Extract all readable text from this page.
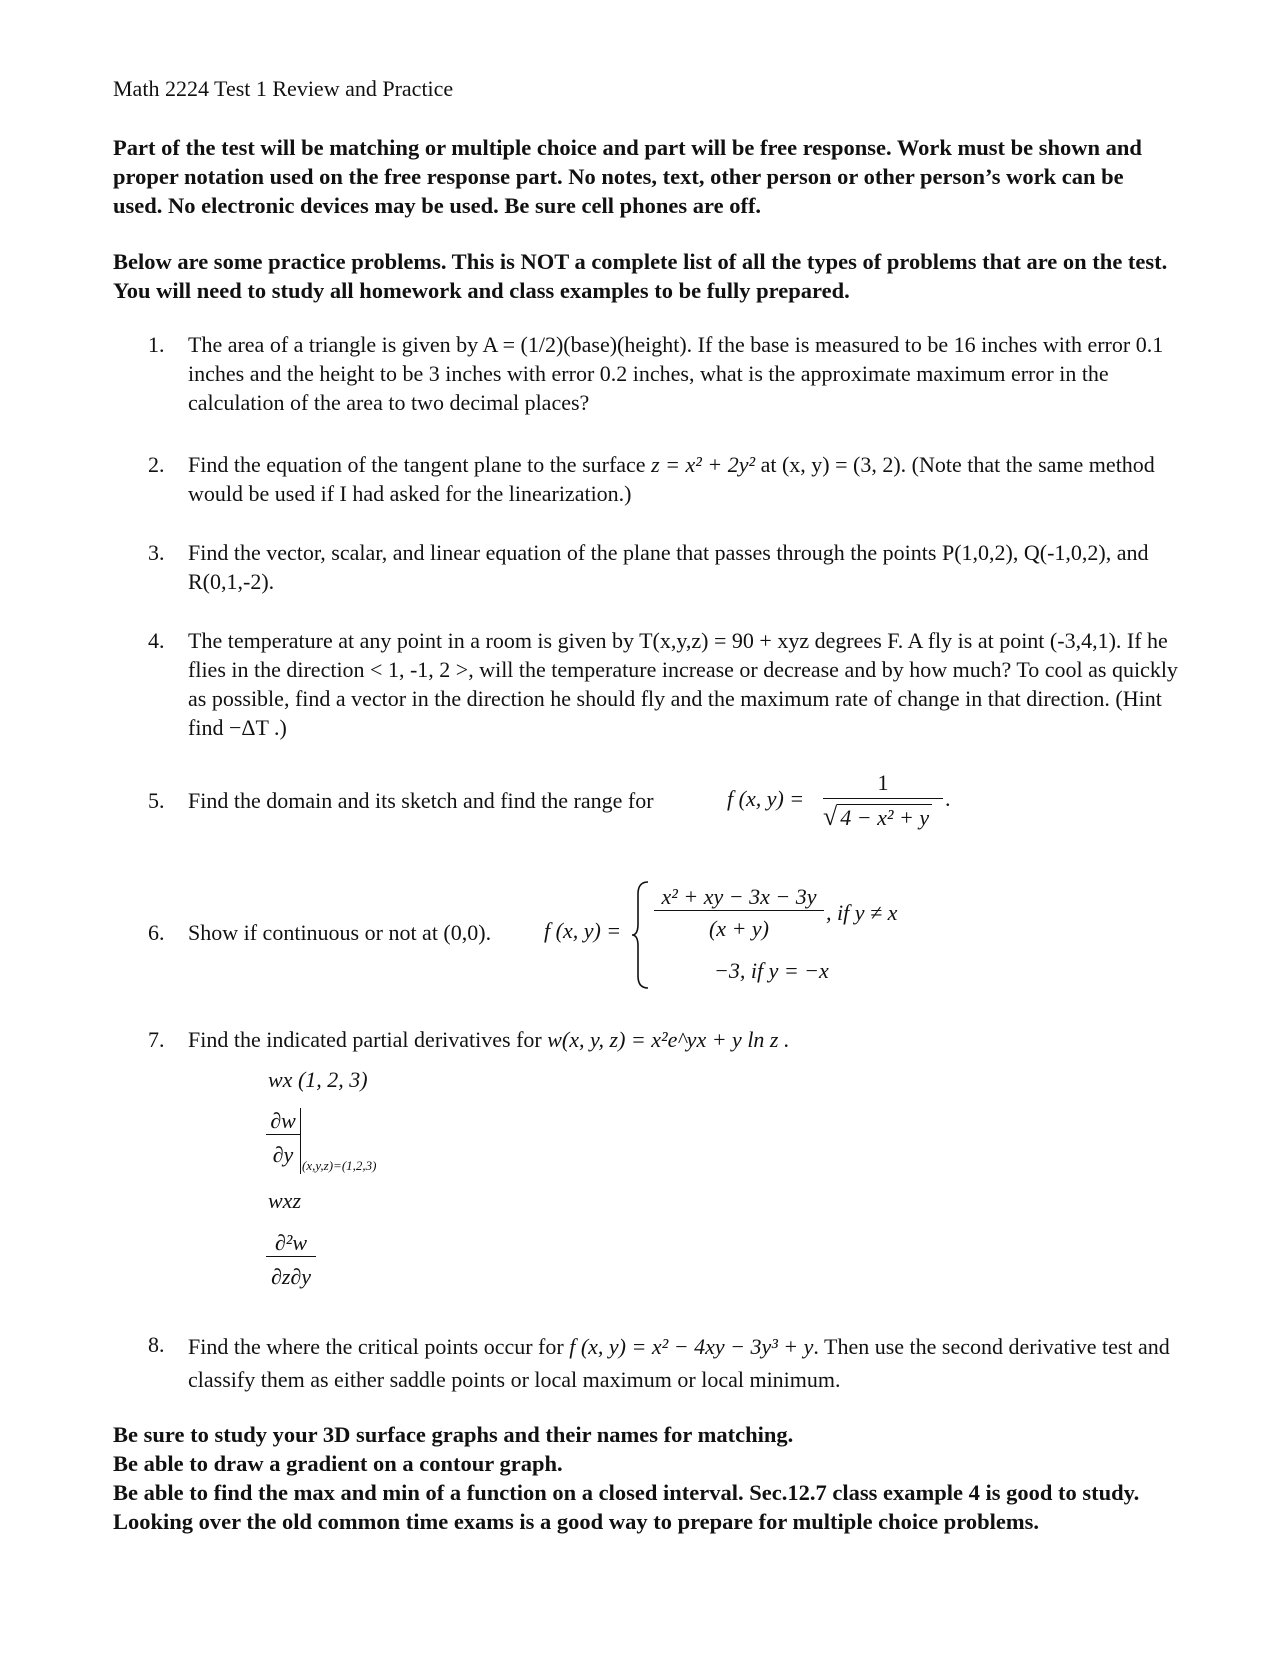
Math 2224 Test 1 Review and Practice
Part of the test will be matching or multiple choice and part will be free response. Work must be shown and proper notation used on the free response part. No notes, text, other person or other person’s work can be used. No electronic devices may be used. Be sure cell phones are off.
Below are some practice problems. This is NOT a complete list of all the types of problems that are on the test. You will need to study all homework and class examples to be fully prepared.
1. The area of a triangle is given by A = (1/2)(base)(height). If the base is measured to be 16 inches with error 0.1 inches and the height to be 3 inches with error 0.2 inches, what is the approximate maximum error in the calculation of the area to two decimal places?
2. Find the equation of the tangent plane to the surface z = x² + 2y² at (x, y) = (3, 2). (Note that the same method would be used if I had asked for the linearization.)
3. Find the vector, scalar, and linear equation of the plane that passes through the points P(1,0,2), Q(-1,0,2), and R(0,1,-2).
4. The temperature at any point in a room is given by T(x,y,z) = 90 + xyz degrees F. A fly is at point (-3,4,1). If he flies in the direction < 1, -1, 2 >, will the temperature increase or decrease and by how much? To cool as quickly as possible, find a vector in the direction he should fly and the maximum rate of change in that direction. (Hint find −ΔT .)
5. Find the domain and its sketch and find the range for	f (x, y) =
1
√ 4 − x² + y
.
6. Show if continuous or not at (0,0).	f (x, y) =
x² + xy − 3x − 3y
(x + y)
, if y ≠ x
−3, if y = −x
7. Find the indicated partial derivatives for w(x, y, z) = x²e^yx + y ln z .
wx (1, 2, 3)
∂w
∂y (x,y,z)=(1,2,3)
wxz
∂²w
∂z∂y
8. Find the where the critical points occur for f (x, y) = x² − 4xy − 3y³ + y. Then use the second derivative test and classify them as either saddle points or local maximum or local minimum.
Be sure to study your 3D surface graphs and their names for matching.
Be able to draw a gradient on a contour graph.
Be able to find the max and min of a function on a closed interval. Sec.12.7 class example 4 is good to study. Looking over the old common time exams is a good way to prepare for multiple choice problems.
